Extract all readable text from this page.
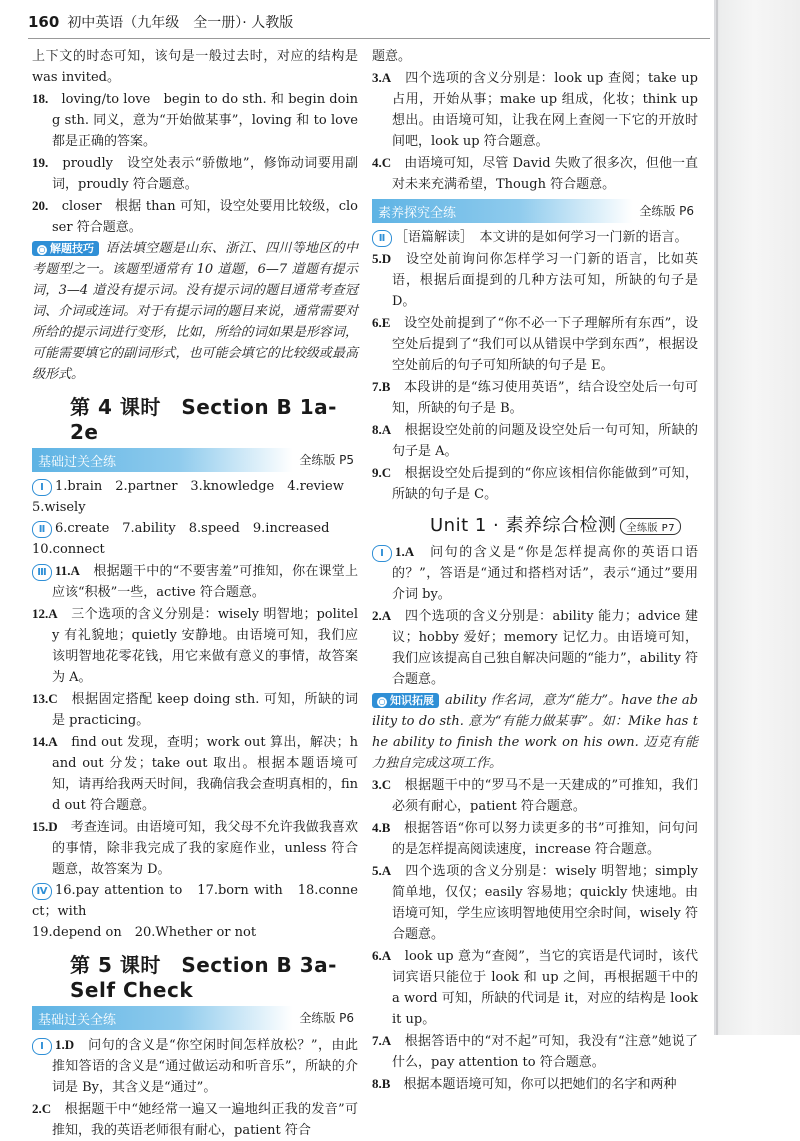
160 初中英语（九年级　全一册）· 人教版

上下文的时态可知，该句是一般过去时，对应的结构是 was invited。

18.　 loving/to love　begin to do sth. 和 begin doing sth. 同义，意为“开始做某事”，loving 和 to love 都是正确的答案。

19.　 proudly　设空处表示“骄傲地”，修饰动词要用副词，proudly 符合题意。

20.　 closer　根据 than 可知，设空处要用比较级，closer 符合题意。

○ 解题技巧 语法填空题是山东、浙江、四川等地区的中考题型之一。该题型通常有 10 道题，6—7 道题有提示词，3—4 道没有提示词。没有提示词的题目通常考查冠词、介词或连词。对于有提示词的题目来说，通常需要对所给的提示词进行变形，比如，所给的词如果是形容词，可能需要填它的副词形式，也可能会填它的比较级或最高级形式。

第 4 课时　Section B 1a-2e
基础过关全练	全练版 P5

Ⅰ 1.brain　2.partner　3.knowledge　4.review

5.wisely

Ⅱ 6.create　7.ability　8.speed　9.increased

10.connect

Ⅲ 11.A　 根据题干中的“不要害羞”可推知，你在课堂上应该“积极”一些，active 符合题意。

12.A　 三个选项的含义分别是：wisely 明智地；politely 有礼貌地；quietly 安静地。由语境可知，我们应该明智地花零花钱，用它来做有意义的事情，故答案为 A。

13.C　 根据固定搭配 keep doing sth. 可知，所缺的词是 practicing。

14.A　 find out 发现，查明；work out 算出，解决；hand out 分发；take out 取出。根据本题语境可知，请再给我两天时间，我确信我会查明真相的，find out 符合题意。

15.D　 考查连词。由语境可知，我父母不允许我做我喜欢的事情，除非我完成了我的家庭作业，unless 符合题意，故答案为 D。

Ⅳ 16.pay attention to　17.born with　18.connect；with

19.depend on　20.Whether or not

第 5 课时　Section B 3a-Self Check
基础过关全练	全练版 P6

Ⅰ 1.D　 问句的含义是“你空闲时间怎样放松？”，由此推知答语的含义是“通过做运动和听音乐”，所缺的介词是 By，其含义是“通过”。

2.C　 根据题干中“她经常一遍又一遍地纠正我的发音”可推知，我的英语老师很有耐心，patient 符合

题意。

3.A　 四个选项的含义分别是：look up 查阅；take up 占用，开始从事；make up 组成，化妆；think up 想出。由语境可知，让我在网上查阅一下它的开放时间吧，look up 符合题意。

4.C　 由语境可知，尽管 David 失败了很多次，但他一直对未来充满希望，Though 符合题意。

素养探究全练	全练版 P6

Ⅱ ［语篇解读］　 本文讲的是如何学习一门新的语言。

5.D　 设空处前询问你怎样学习一门新的语言，比如英语，根据后面提到的几种方法可知，所缺的句子是 D。

6.E　 设空处前提到了“你不必一下子理解所有东西”，设空处后提到了“我们可以从错误中学到东西”，根据设空处前后的句子可知所缺的句子是 E。

7.B　 本段讲的是“练习使用英语”，结合设空处后一句可知，所缺的句子是 B。

8.A　 根据设空处前的问题及设空处后一句可知，所缺的句子是 A。

9.C　 根据设空处后提到的“你应该相信你能做到”可知，所缺的句子是 C。

Unit 1 · 素养综合检测 全练版 P7

Ⅰ 1.A　 问句的含义是“你是怎样提高你的英语口语的？”，答语是“通过和搭档对话”，表示“通过”要用介词 by。

2.A　 四个选项的含义分别是：ability 能力；advice 建议；hobby 爱好；memory 记忆力。由语境可知，我们应该提高自己独自解决问题的“能力”，ability 符合题意。

○ 知识拓展 ability 作名词，意为“能力”。have the ability to do sth. 意为“有能力做某事”。如：Mike has the ability to finish the work on his own. 迈克有能力独自完成这项工作。

3.C　 根据题干中的“罗马不是一天建成的”可推知，我们必须有耐心，patient 符合题意。

4.B　 根据答语“你可以努力读更多的书”可推知，问句问的是怎样提高阅读速度，increase 符合题意。

5.A　 四个选项的含义分别是：wisely 明智地；simply 简单地，仅仅；easily 容易地；quickly 快速地。由语境可知，学生应该明智地使用空余时间，wisely 符合题意。

6.A　 look up 意为“查阅”，当它的宾语是代词时，该代词宾语只能位于 look 和 up 之间，再根据题干中的 a word 可知，所缺的代词是 it，对应的结构是 look it up。

7.A　 根据答语中的“对不起”可知，我没有“注意”她说了什么，pay attention to 符合题意。

8.B　 根据本题语境可知，你可以把她们的名字和两种
